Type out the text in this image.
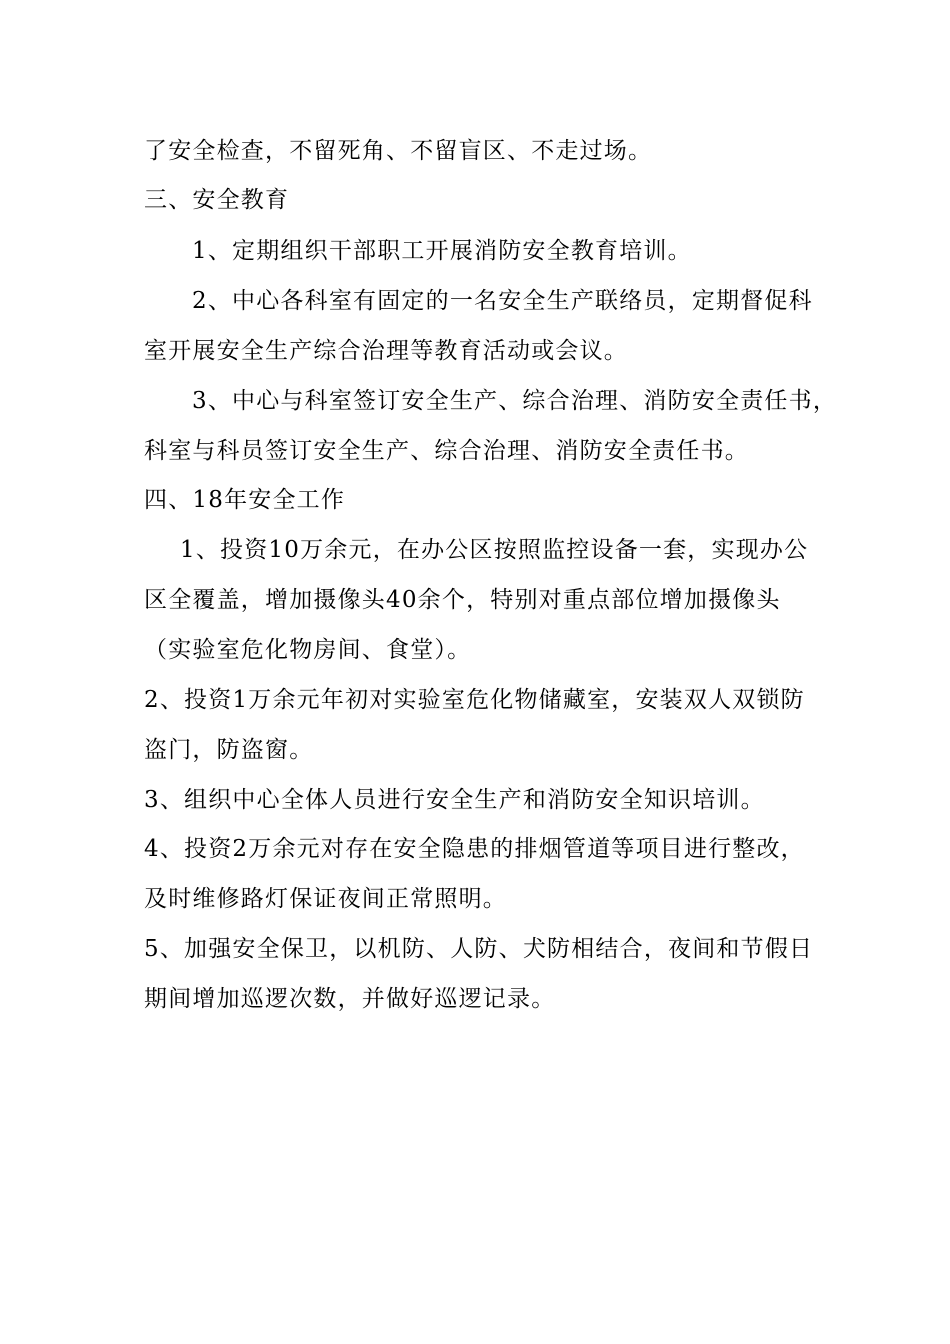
了安全检查，不留死角、不留盲区、不走过场。
三、安全教育
1、定期组织干部职工开展消防安全教育培训。
2、中心各科室有固定的一名安全生产联络员，定期督促科
室开展安全生产综合治理等教育活动或会议。
3、中心与科室签订安全生产、综合治理、消防安全责任书，
科室与科员签订安全生产、综合治理、消防安全责任书。
四、18年安全工作
1、投资10万余元，在办公区按照监控设备一套，实现办公
区全覆盖，增加摄像头40余个，特别对重点部位增加摄像头
（实验室危化物房间、食堂）。
2、投资1万余元年初对实验室危化物储藏室，安装双人双锁防
盗门，防盗窗。
3、组织中心全体人员进行安全生产和消防安全知识培训。
4、投资2万余元对存在安全隐患的排烟管道等项目进行整改，
及时维修路灯保证夜间正常照明。
5、加强安全保卫，以机防、人防、犬防相结合，夜间和节假日
期间增加巡逻次数，并做好巡逻记录。
